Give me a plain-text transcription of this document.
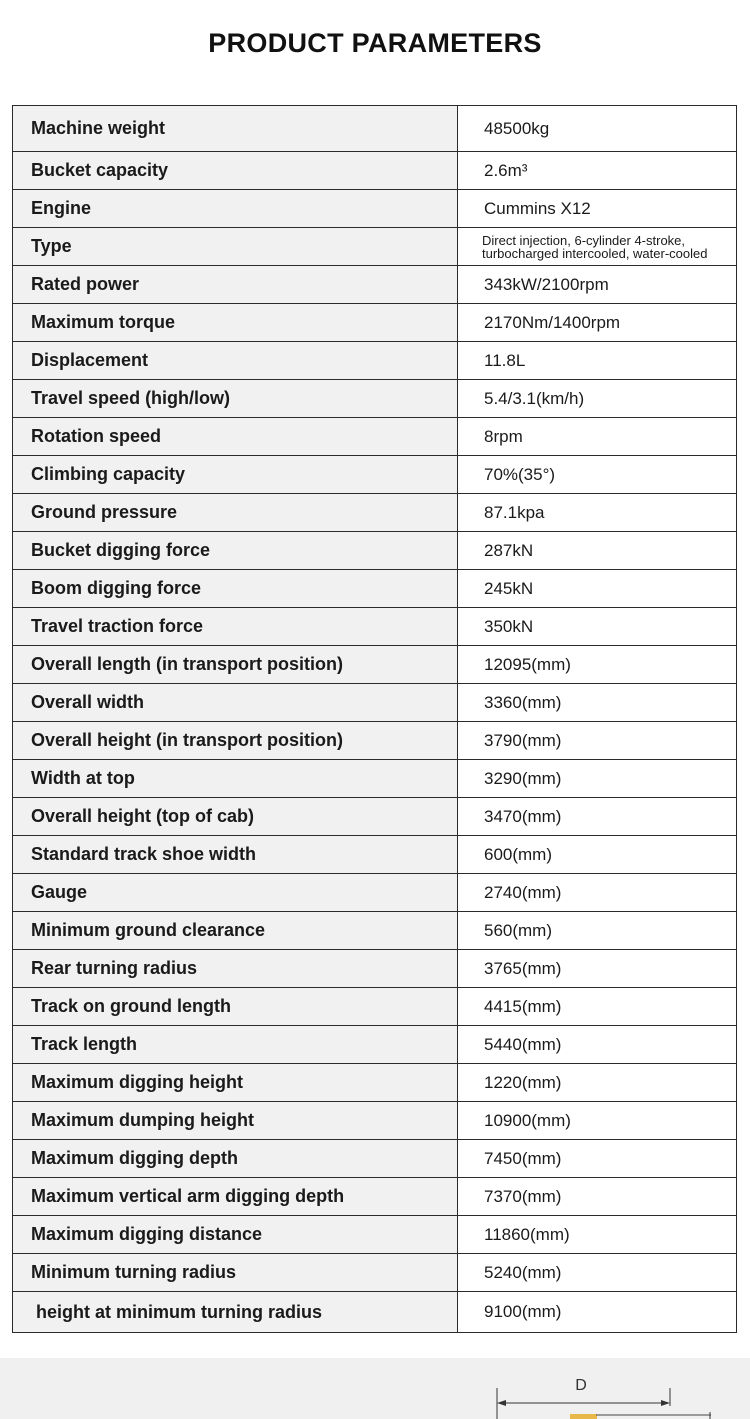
PRODUCT PARAMETERS
Machine weight	48500kg
Bucket capacity	2.6m³
Engine	Cummins X12
Type	Direct injection, 6-cylinder 4-stroke,
turbocharged intercooled, water-cooled

Rated power	343kW/2100rpm
Maximum torque	2170Nm/1400rpm
Displacement	11.8L
Travel speed (high/low)	5.4/3.1(km/h)
Rotation speed	8rpm
Climbing capacity	70%(35°)
Ground pressure	87.1kpa
Bucket digging force	287kN
Boom digging force	245kN
Travel traction force	350kN
Overall length (in transport position)	12095(mm)
Overall width	3360(mm)
Overall height (in transport position)	3790(mm)
Width at top	3290(mm)
Overall height (top of cab)	3470(mm)
Standard track shoe width	600(mm)
Gauge	2740(mm)
Minimum ground clearance	560(mm)
Rear turning radius	3765(mm)
Track on ground length	4415(mm)
Track length	5440(mm)
Maximum digging height	1220(mm)
Maximum dumping height	10900(mm)
Maximum digging depth	7450(mm)
Maximum vertical arm digging depth	7370(mm)
Maximum digging distance	11860(mm)
Minimum turning radius	5240(mm)
height at minimum turning radius	9100(mm)
D
